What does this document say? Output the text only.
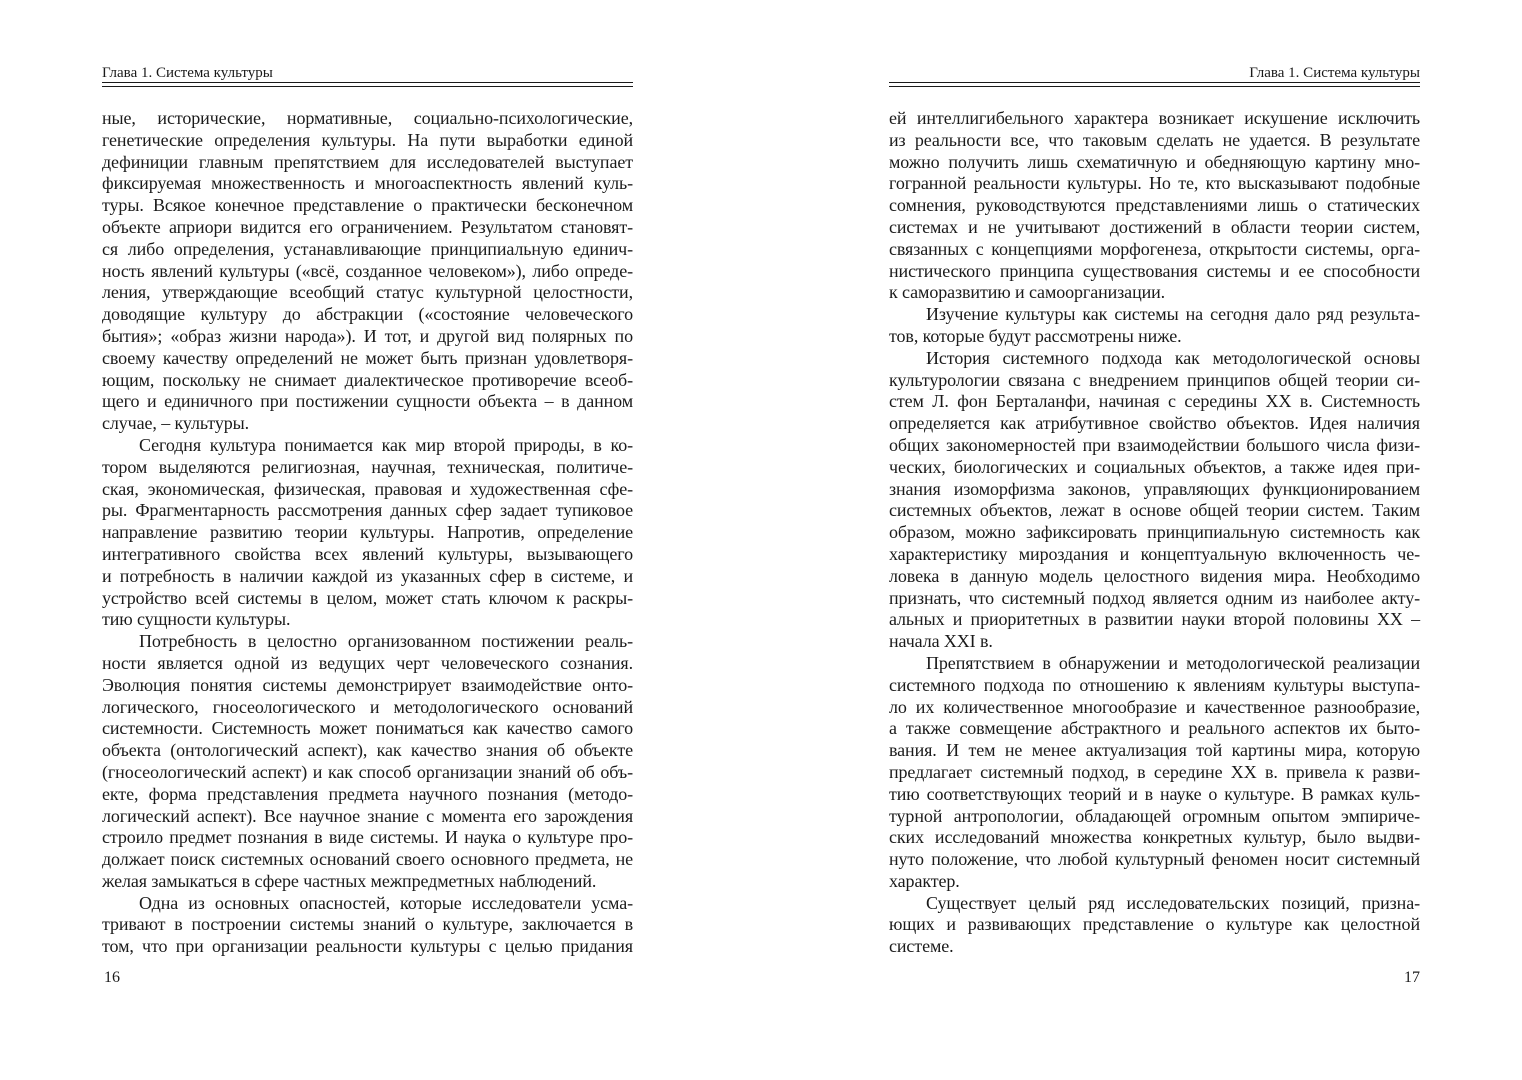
Глава 1. Система культуры
ные, исторические, нормативные, социально-психологические,
генетические определения культуры. На пути выработки единой
дефиниции главным препятствием для исследователей выступает
фиксируемая множественность и многоаспектность явлений куль-
туры. Всякое конечное представление о практически бесконечном
объекте априори видится его ограничением. Результатом становят-
ся либо определения, устанавливающие принципиальную единич-
ность явлений культуры («всё, созданное человеком»), либо опреде-
ления, утверждающие всеобщий статус культурной целостности,
доводящие культуру до абстракции («состояние человеческого
бытия»; «образ жизни народа»). И тот, и другой вид полярных по
своему качеству определений не может быть признан удовлетворя-
ющим, поскольку не снимает диалектическое противоречие всеоб-
щего и единичного при постижении сущности объекта – в данном
случае, – культуры.
Сегодня культура понимается как мир второй природы, в ко-
тором выделяются религиозная, научная, техническая, политиче-
ская, экономическая, физическая, правовая и художественная сфе-
ры. Фрагментарность рассмотрения данных сфер задает тупиковое
направление развитию теории культуры. Напротив, определение
интегративного свойства всех явлений культуры, вызывающего
и потребность в наличии каждой из указанных сфер в системе, и
устройство всей системы в целом, может стать ключом к раскры-
тию сущности культуры.
Потребность в целостно организованном постижении реаль-
ности является одной из ведущих черт человеческого сознания.
Эволюция понятия системы демонстрирует взаимодействие онто-
логического, гносеологического и методологического оснований
системности. Системность может пониматься как качество самого
объекта (онтологический аспект), как качество знания об объекте
(гносеологический аспект) и как способ организации знаний об объ-
екте, форма представления предмета научного познания (методо-
логический аспект). Все научное знание с момента его зарождения
строило предмет познания в виде системы. И наука о культуре про-
должает поиск системных оснований своего основного предмета, не
желая замыкаться в сфере частных межпредметных наблюдений.
Одна из основных опасностей, которые исследователи усма-
тривают в построении системы знаний о культуре, заключается в
том, что при организации реальности культуры с целью придания
16
Глава 1. Система культуры
ей интеллигибельного характера возникает искушение исключить
из реальности все, что таковым сделать не удается. В результате
можно получить лишь схематичную и обедняющую картину мно-
гогранной реальности культуры. Но те, кто высказывают подобные
сомнения, руководствуются представлениями лишь о статических
системах и не учитывают достижений в области теории систем,
связанных с концепциями морфогенеза, открытости системы, орга-
нистического принципа существования системы и ее способности
к саморазвитию и самоорганизации.
Изучение культуры как системы на сегодня дало ряд результа-
тов, которые будут рассмотрены ниже.
История системного подхода как методологической основы
культурологии связана с внедрением принципов общей теории си-
стем Л. фон Берталанфи, начиная с середины XX в. Системность
определяется как атрибутивное свойство объектов. Идея наличия
общих закономерностей при взаимодействии большого числа физи-
ческих, биологических и социальных объектов, а также идея при-
знания изоморфизма законов, управляющих функционированием
системных объектов, лежат в основе общей теории систем. Таким
образом, можно зафиксировать принципиальную системность как
характеристику мироздания и концептуальную включенность че-
ловека в данную модель целостного видения мира. Необходимо
признать, что системный подход является одним из наиболее акту-
альных и приоритетных в развитии науки второй половины XX –
начала XXI в.
Препятствием в обнаружении и методологической реализации
системного подхода по отношению к явлениям культуры выступа-
ло их количественное многообразие и качественное разнообразие,
а также совмещение абстрактного и реального аспектов их быто-
вания. И тем не менее актуализация той картины мира, которую
предлагает системный подход, в середине XX в. привела к разви-
тию соответствующих теорий и в науке о культуре. В рамках куль-
турной антропологии, обладающей огромным опытом эмпириче-
ских исследований множества конкретных культур, было выдви-
нуто положение, что любой культурный феномен носит системный
характер.
Существует целый ряд исследовательских позиций, призна-
ющих и развивающих представление о культуре как целостной
системе.
17
